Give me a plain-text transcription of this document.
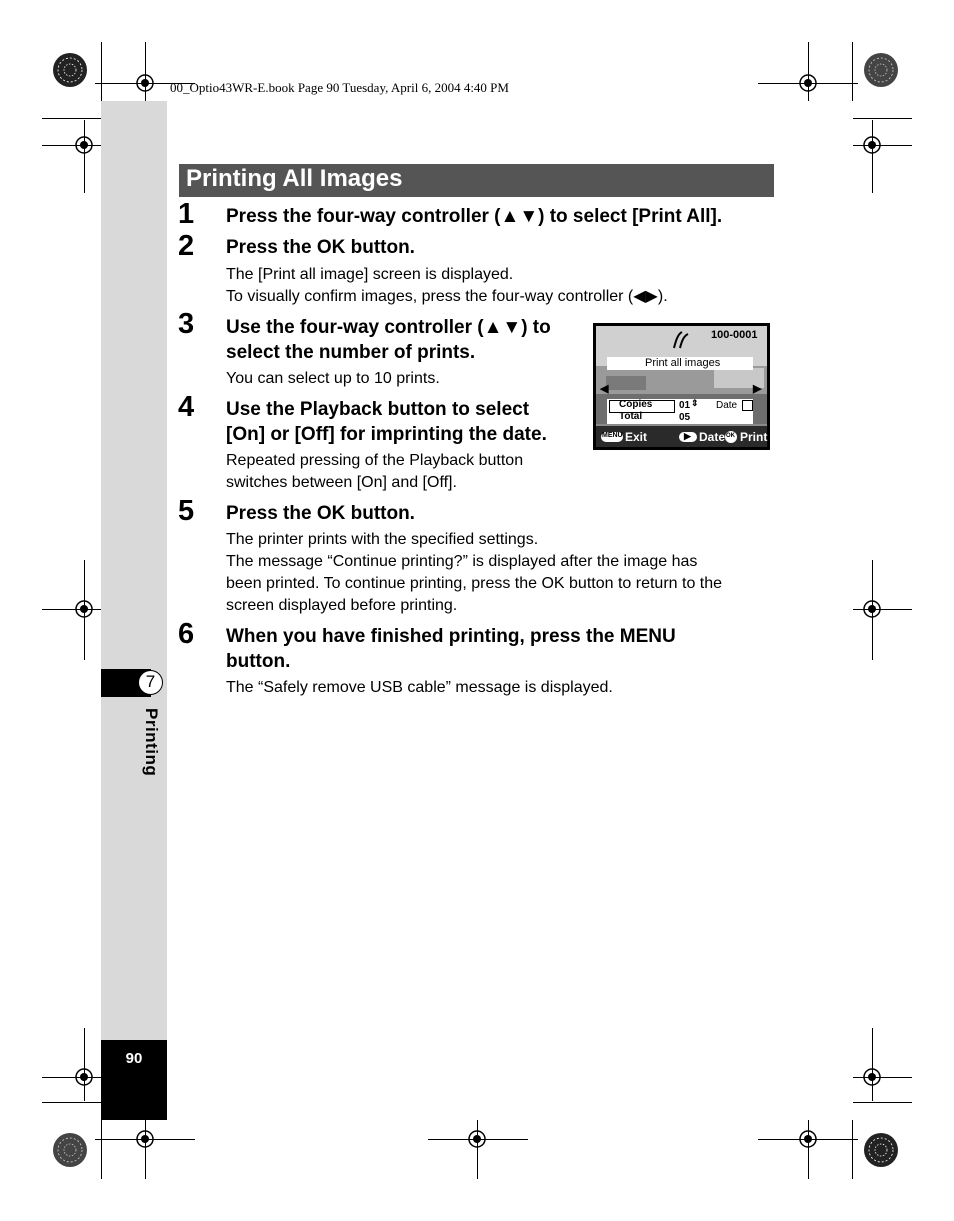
00_Optio43WR-E.book Page 90 Tuesday, April 6, 2004 4:40 PM
7
Printing
90
Printing All Images
1 Press the four-way controller (▲▼) to select [Print All].
2 Press the OK button.
The [Print all image] screen is displayed.
To visually confirm images, press the four-way controller (◀▶).
3 Use the four-way controller (▲▼) to
select the number of prints.
You can select up to 10 prints.
4 Use the Playback button to select
[On] or [Off] for imprinting the date.
Repeated pressing of the Playback button
switches between [On] and [Off].
5 Press the OK button.
The printer prints with the specified settings.
The message “Continue printing?” is displayed after the image has
been printed. To continue printing, press the OK button to return to the
screen displayed before printing.
6 When you have finished printing, press the MENU
button.
The “Safely remove USB cable” message is displayed.
100-0001
Print all images
◀	▶
Copies
Total
01 ⇕
05
Date
MENU Exit	▶ Date OK Print
